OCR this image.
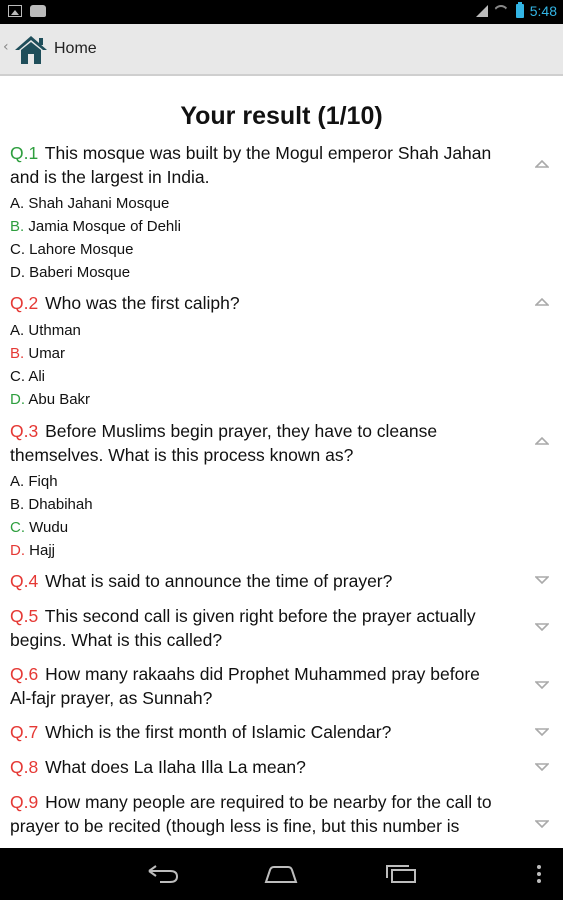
5:48
‹	Home
Your result (1/10)
Q.1 This mosque was built by the Mogul emperor Shah Jahan
and is the largest in India.
A. Shah Jahani Mosque
B. Jamia Mosque of Dehli
C. Lahore Mosque
D. Baberi Mosque
Q.2 Who was the first caliph?
A. Uthman
B. Umar
C. Ali
D. Abu Bakr
Q.3 Before Muslims begin prayer, they have to cleanse
themselves. What is this process known as?
A. Fiqh
B. Dhabihah
C. Wudu
D. Hajj
Q.4 What is said to announce the time of prayer?
Q.5 This second call is given right before the prayer actually
begins. What is this called?
Q.6 How many rakaahs did Prophet Muhammed pray before
Al-fajr prayer, as Sunnah?
Q.7 Which is the first month of Islamic Calendar?
Q.8 What does La Ilaha Illa La mean?
Q.9 How many people are required to be nearby for the call to
prayer to be recited (though less is fine, but this number is
